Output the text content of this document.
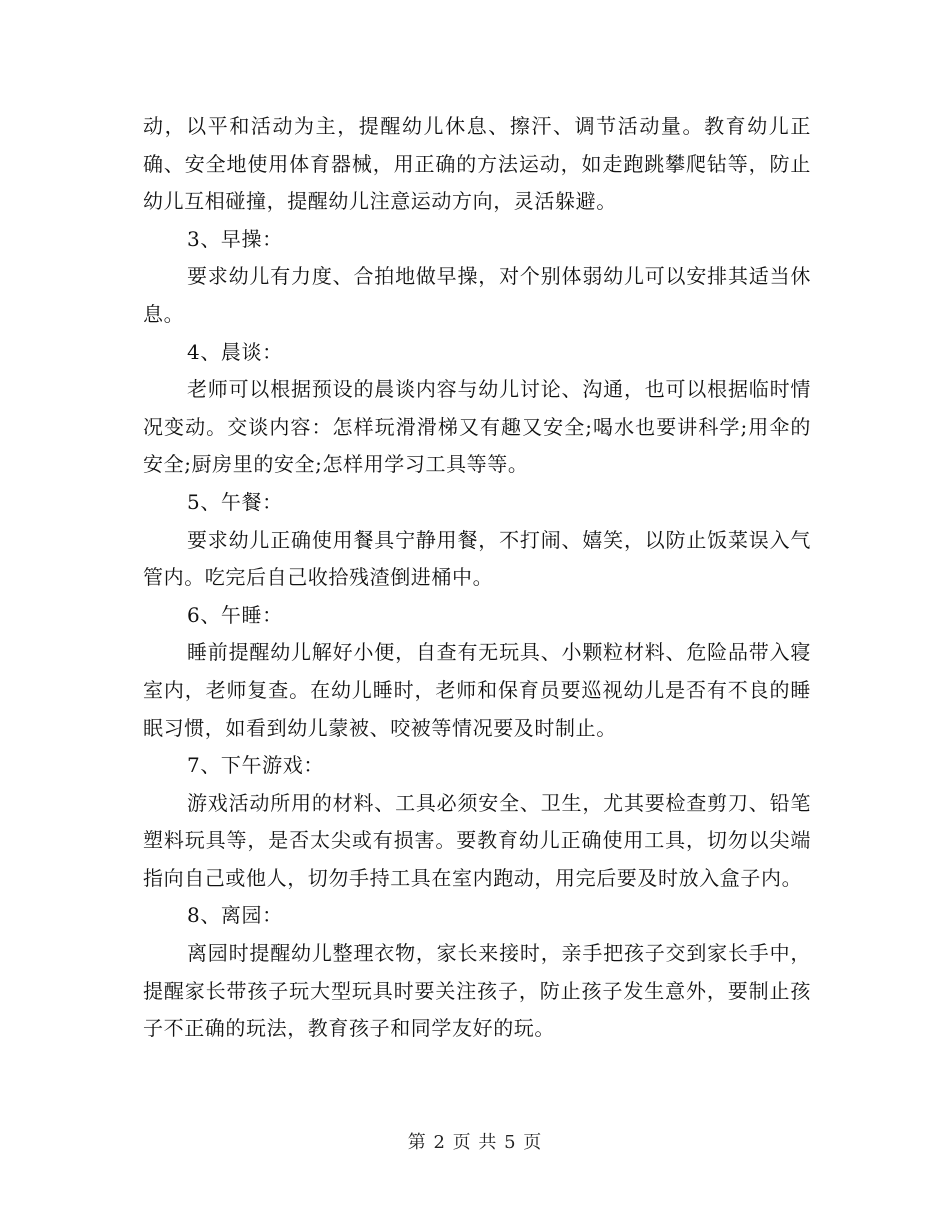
动，以平和活动为主，提醒幼儿休息、擦汗、调节活动量。教育幼儿正确、安全地使用体育器械，用正确的方法运动，如走跑跳攀爬钻等，防止幼儿互相碰撞，提醒幼儿注意运动方向，灵活躲避。

3、早操：

要求幼儿有力度、合拍地做早操，对个别体弱幼儿可以安排其适当休息。

4、晨谈：

老师可以根据预设的晨谈内容与幼儿讨论、沟通，也可以根据临时情况变动。交谈内容：怎样玩滑滑梯又有趣又安全;喝水也要讲科学;用伞的安全;厨房里的安全;怎样用学习工具等等。

5、午餐：

要求幼儿正确使用餐具宁静用餐，不打闹、嬉笑，以防止饭菜误入气管内。吃完后自己收拾残渣倒进桶中。

6、午睡：

睡前提醒幼儿解好小便，自查有无玩具、小颗粒材料、危险品带入寝室内，老师复查。在幼儿睡时，老师和保育员要巡视幼儿是否有不良的睡眠习惯，如看到幼儿蒙被、咬被等情况要及时制止。

7、下午游戏：

游戏活动所用的材料、工具必须安全、卫生，尤其要检查剪刀、铅笔塑料玩具等，是否太尖或有损害。要教育幼儿正确使用工具，切勿以尖端指向自己或他人，切勿手持工具在室内跑动，用完后要及时放入盒子内。

8、离园：

离园时提醒幼儿整理衣物，家长来接时，亲手把孩子交到家长手中，提醒家长带孩子玩大型玩具时要关注孩子，防止孩子发生意外，要制止孩子不正确的玩法，教育孩子和同学友好的玩。

第 2 页 共 5 页
